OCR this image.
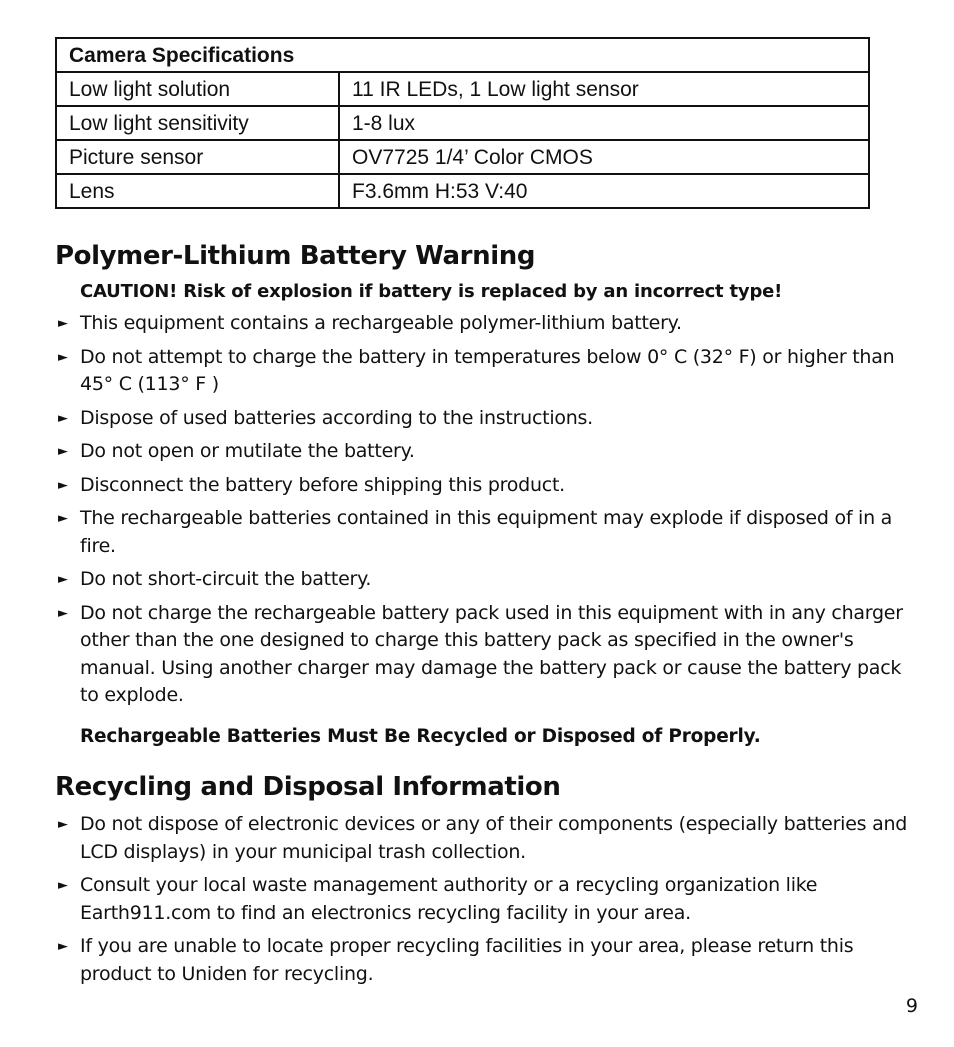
Camera Specifications	
Low light solution	11 IR LEDs, 1 Low light sensor
Low light sensitivity	1-8 lux
Picture sensor	OV7725 1/4’ Color CMOS
Lens	F3.6mm H:53 V:40
Polymer-Lithium Battery Warning
CAUTION! Risk of explosion if battery is replaced by an incorrect type!
► This equipment contains a rechargeable polymer-lithium battery.
► Do not attempt to charge the battery in temperatures below 0° C (32° F) or higher than 45° C (113° F )
► Dispose of used batteries according to the instructions.
► Do not open or mutilate the battery.
► Disconnect the battery before shipping this product.
► The rechargeable batteries contained in this equipment may explode if disposed of in a fire.
► Do not short-circuit the battery.
► Do not charge the rechargeable battery pack used in this equipment with in any charger other than the one designed to charge this battery pack as specified in the owner's manual. Using another charger may damage the battery pack or cause the battery pack to explode.
Rechargeable Batteries Must Be Recycled or Disposed of Properly.
Recycling and Disposal Information
► Do not dispose of electronic devices or any of their components (especially batteries and LCD displays) in your municipal trash collection.
► Consult your local waste management authority or a recycling organization like Earth911.com to find an electronics recycling facility in your area.
► If you are unable to locate proper recycling facilities in your area, please return this product to Uniden for recycling.
9
